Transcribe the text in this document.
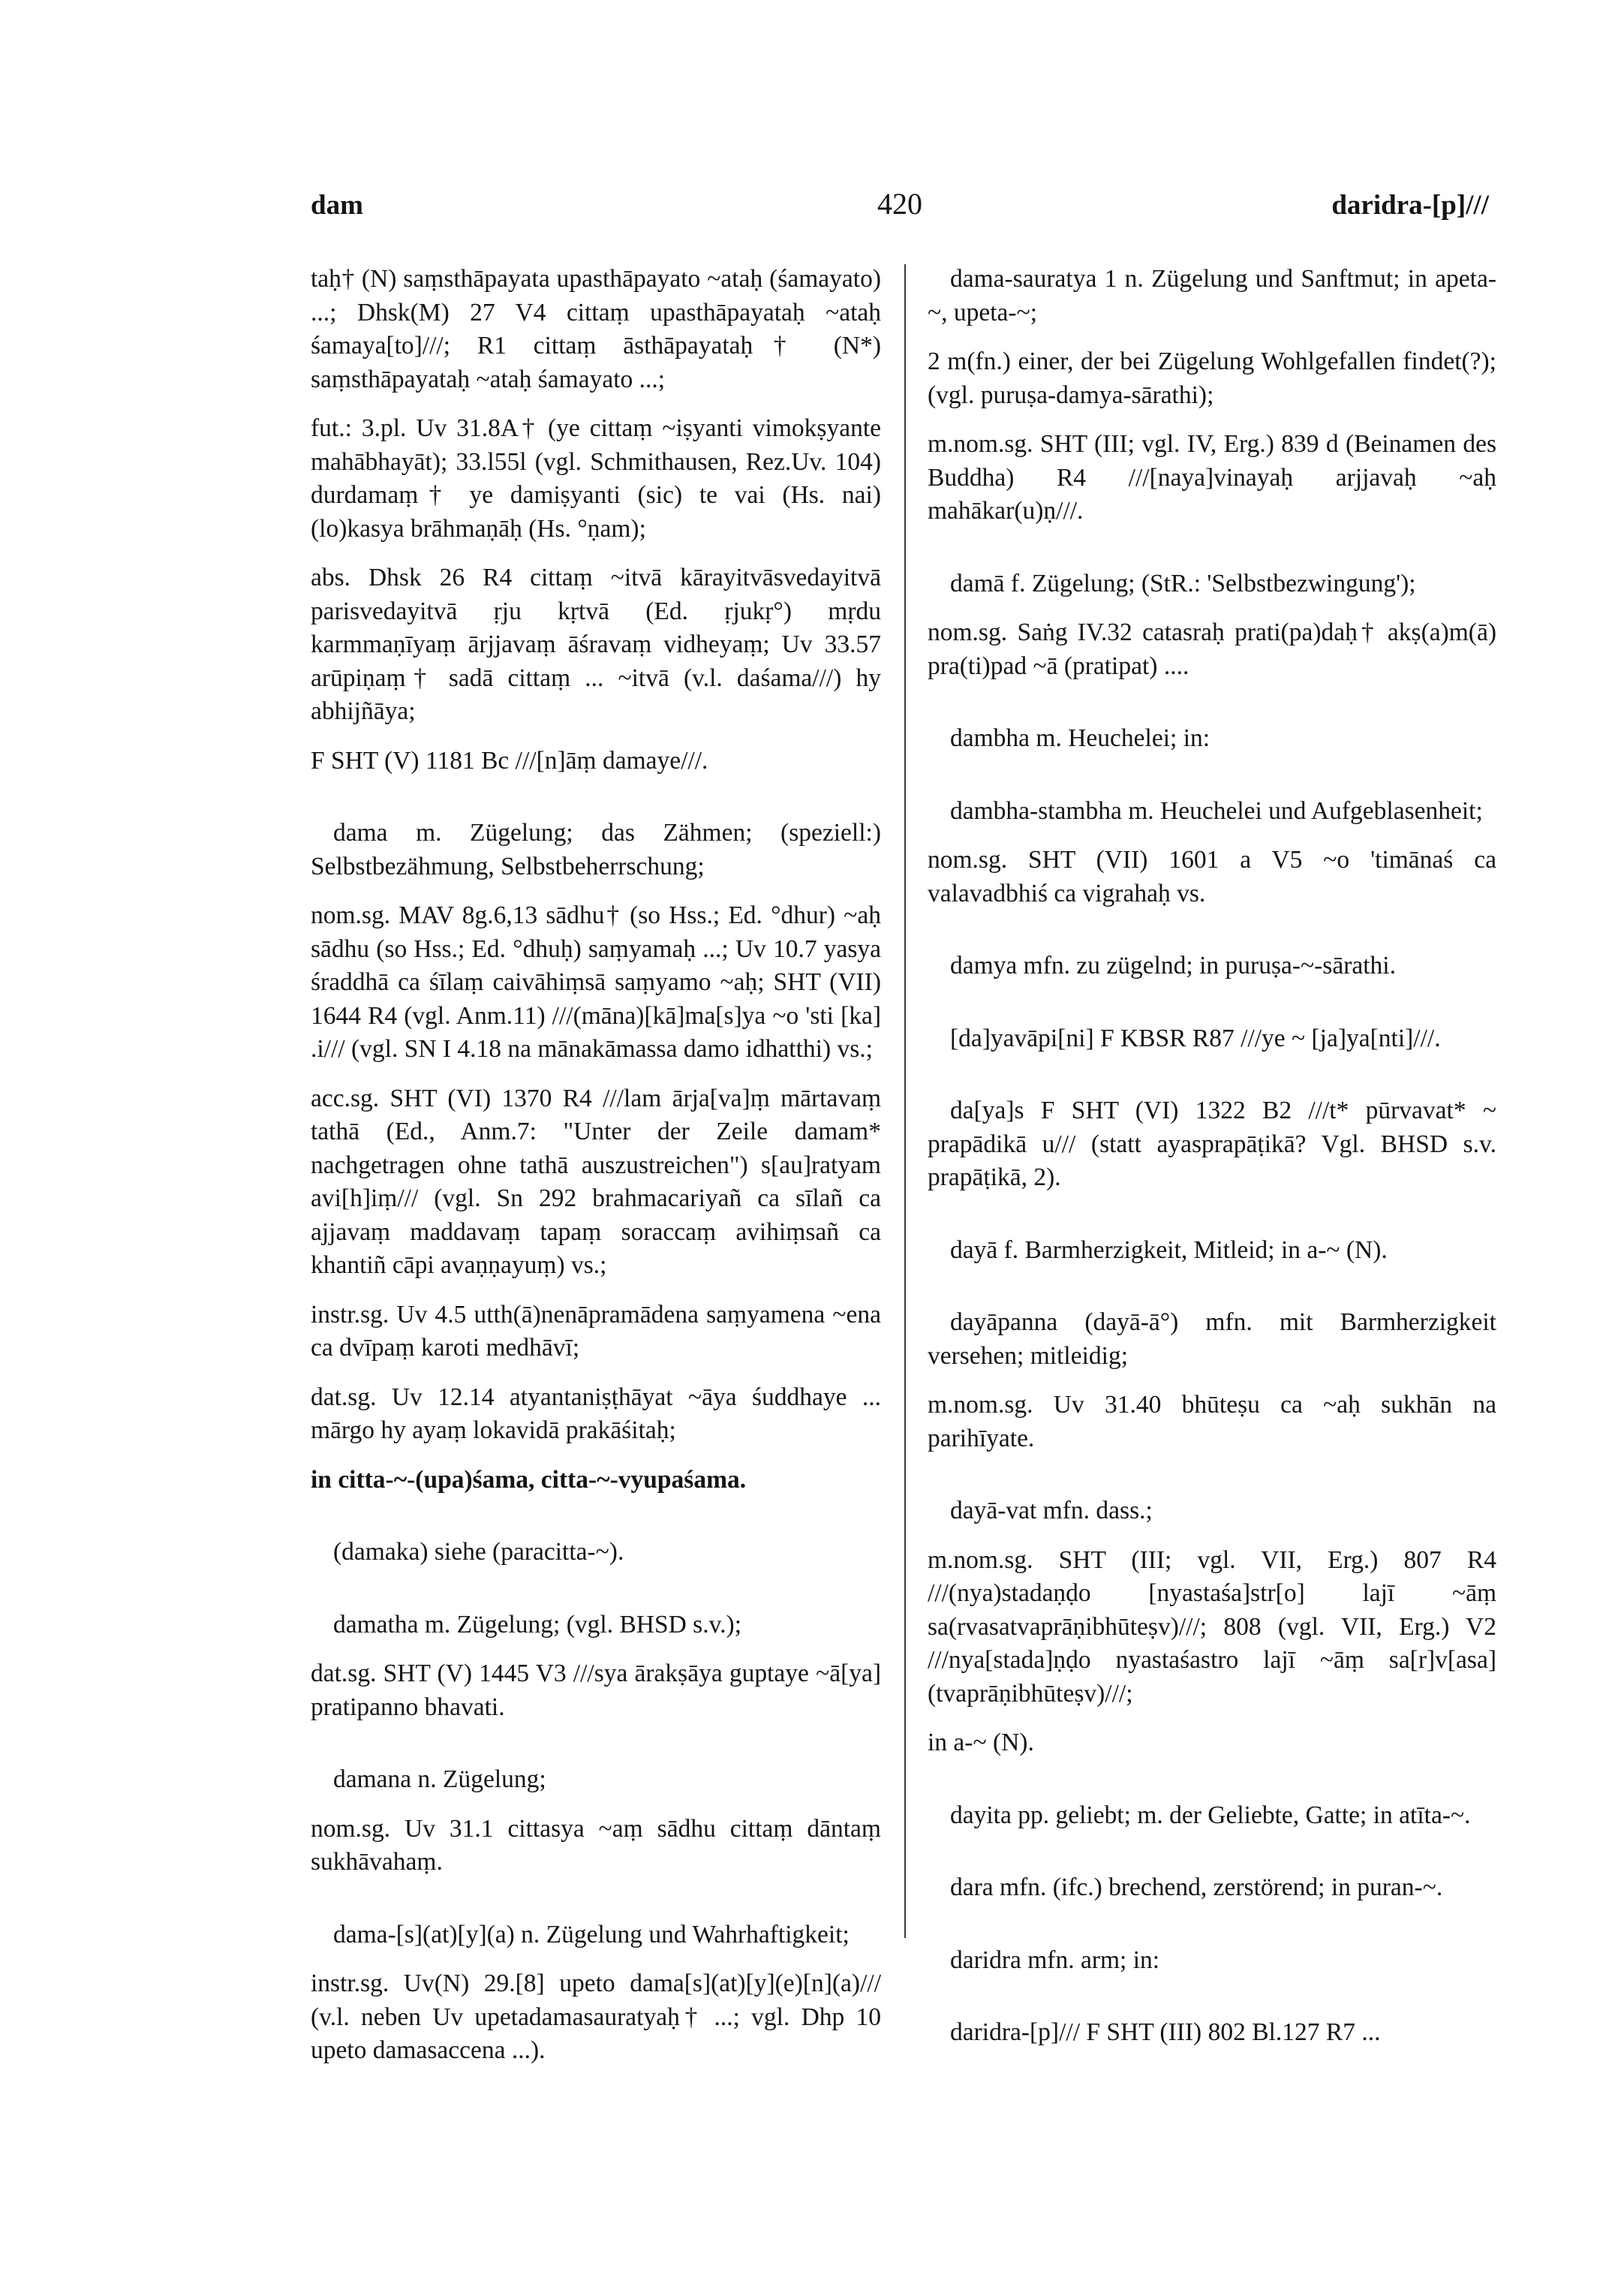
dam	420	daridra-[p]///

taḥ† (N) saṃsthāpayata upasthāpayato ~ataḥ (śamayato) ...; Dhsk(M) 27 V4 cittaṃ upasthāpayataḥ ~ataḥ śamaya[to]///; R1 cittaṃ āsthāpayataḥ† (N*) saṃsthāpayataḥ ~ataḥ śamayato ...;

fut.: 3.pl. Uv 31.8A† (ye cittaṃ ~iṣyanti vimokṣyante mahābhayāt); 33.l55l (vgl. Schmithausen, Rez.Uv. 104) durdamaṃ† ye damiṣyanti (sic) te vai (Hs. nai) (lo)kasya brāhmaṇāḥ (Hs. °ṇam);

abs. Dhsk 26 R4 cittaṃ ~itvā kārayitvāsvedayitvā parisvedayitvā ṛju kṛtvā (Ed. ṛjukṛ°) mṛdu karmmaṇīyaṃ ārjjavaṃ āśravaṃ vidheyaṃ; Uv 33.57 arūpiṇaṃ† sadā cittaṃ ... ~itvā (v.l. daśama///) hy abhijñāya;

F SHT (V) 1181 Bc ///[n]āṃ damaye///.

dama m. Zügelung; das Zähmen; (speziell:) Selbstbezähmung, Selbstbeherrschung;

nom.sg. MAV 8g.6,13 sādhu† (so Hss.; Ed. °dhur) ~aḥ sādhu (so Hss.; Ed. °dhuḥ) saṃyamaḥ ...; Uv 10.7 yasya śraddhā ca śīlaṃ caivāhiṃsā saṃyamo ~aḥ; SHT (VII) 1644 R4 (vgl. Anm.11) ///(māna)[kā]ma[s]ya ~o 'sti [ka] .i/// (vgl. SN I 4.18 na mānakāmassa damo idhatthi) vs.;

acc.sg. SHT (VI) 1370 R4 ///lam ārja[va]ṃ mārtavaṃ tathā (Ed., Anm.7: "Unter der Zeile damam* nachgetragen ohne tathā auszustreichen") s[au]ratyam avi[h]iṃ/// (vgl. Sn 292 brahmacariyañ ca sīlañ ca ajjavaṃ maddavaṃ tapaṃ soraccaṃ avihiṃsañ ca khantiñ cāpi avaṇṇayuṃ) vs.;

instr.sg. Uv 4.5 utth(ā)nenāpramādena saṃyamena ~ena ca dvīpaṃ karoti medhāvī;

dat.sg. Uv 12.14 atyantaniṣṭhāyat ~āya śuddhaye ... mārgo hy ayaṃ lokavidā prakāśitaḥ;

in citta-~-(upa)śama, citta-~-vyupaśama.

(damaka) siehe (paracitta-~).

damatha m. Zügelung; (vgl. BHSD s.v.);

dat.sg. SHT (V) 1445 V3 ///sya ārakṣāya guptaye ~ā[ya] pratipanno bhavati.

damana n. Zügelung;

nom.sg. Uv 31.1 cittasya ~aṃ sādhu cittaṃ dāntaṃ sukhāvahaṃ.

dama-[s](at)[y](a) n. Zügelung und Wahrhaftigkeit;

instr.sg. Uv(N) 29.[8] upeto dama[s](at)[y](e)[n](a)/// (v.l. neben Uv upetadamasauratyaḥ† ...; vgl. Dhp 10 upeto damasaccena ...).

dama-sauratya 1 n. Zügelung und Sanftmut; in apeta-~, upeta-~;

2 m(fn.) einer, der bei Zügelung Wohlgefallen findet(?); (vgl. puruṣa-damya-sārathi);

m.nom.sg. SHT (III; vgl. IV, Erg.) 839 d (Beinamen des Buddha) R4 ///[naya]vinayaḥ arjjavaḥ ~aḥ mahākar(u)ṇ///.

damā f. Zügelung; (StR.: 'Selbstbezwingung');

nom.sg. Saṅg IV.32 catasraḥ prati(pa)daḥ† akṣ(a)m(ā) pra(ti)pad ~ā (pratipat) ....

dambha m. Heuchelei; in:

dambha-stambha m. Heuchelei und Aufgeblasenheit;

nom.sg. SHT (VII) 1601 a V5 ~o 'timānaś ca valavadbhiś ca vigrahaḥ vs.

damya mfn. zu zügelnd; in puruṣa-~-sārathi.

[da]yavāpi[ni] F KBSR R87 ///ye ~ [ja]ya[nti]///.

da[ya]s F SHT (VI) 1322 B2 ///t* pūrvavat* ~ prapādikā u/// (statt ayasprapāṭikā? Vgl. BHSD s.v. prapāṭikā, 2).

dayā f. Barmherzigkeit, Mitleid; in a-~ (N).

dayāpanna (dayā-ā°) mfn. mit Barmherzigkeit versehen; mitleidig;

m.nom.sg. Uv 31.40 bhūteṣu ca ~aḥ sukhān na parihīyate.

dayā-vat mfn. dass.;

m.nom.sg. SHT (III; vgl. VII, Erg.) 807 R4 ///(nya)stadaṇḍo [nyastaśa]str[o] lajī ~āṃ sa(rvasatvaprāṇibhūteṣv)///; 808 (vgl. VII, Erg.) V2 ///nya[stada]ṇḍo nyastaśastro lajī ~āṃ sa[r]v[asa](tvaprāṇibhūteṣv)///;

in a-~ (N).

dayita pp. geliebt; m. der Geliebte, Gatte; in atīta-~.

dara mfn. (ifc.) brechend, zerstörend; in puran-~.

daridra mfn. arm; in:

daridra-[p]/// F SHT (III) 802 Bl.127 R7 ...
